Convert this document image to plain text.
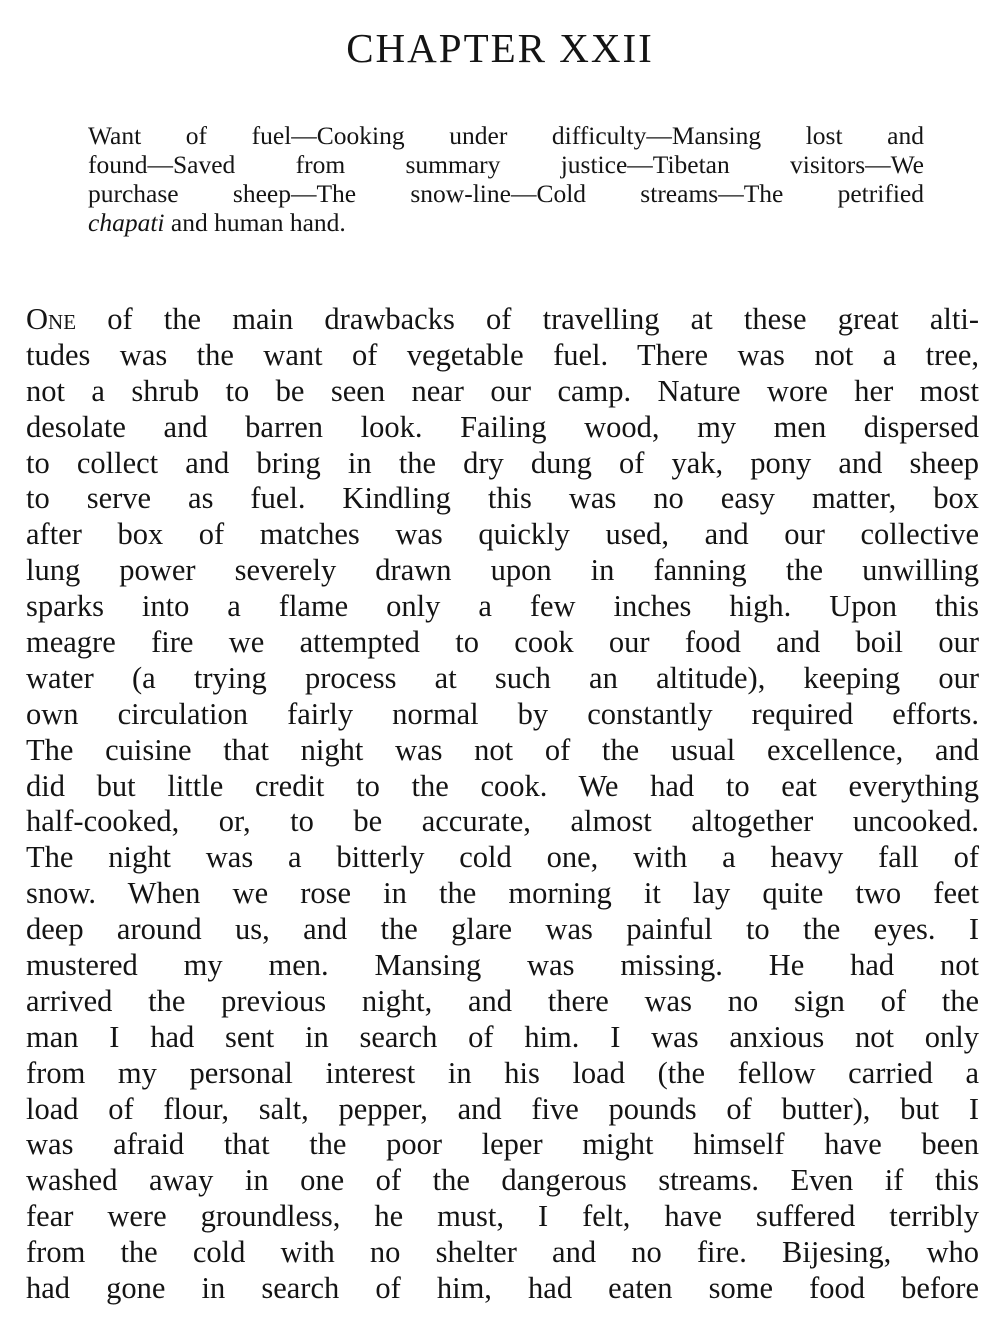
CHAPTER XXII
Want of fuel—Cooking under difficulty—Mansing lost and
found—Saved from summary justice—Tibetan visitors—We
purchase sheep—The snow-line—Cold streams—The petrified
chapati and human hand.
One of the main drawbacks of travelling at these great alti-
tudes was the want of vegetable fuel. There was not a tree,
not a shrub to be seen near our camp. Nature wore her most
desolate and barren look. Failing wood, my men dispersed
to collect and bring in the dry dung of yak, pony and sheep
to serve as fuel. Kindling this was no easy matter, box
after box of matches was quickly used, and our collective
lung power severely drawn upon in fanning the unwilling
sparks into a flame only a few inches high. Upon this
meagre fire we attempted to cook our food and boil our
water (a trying process at such an altitude), keeping our
own circulation fairly normal by constantly required efforts.
The cuisine that night was not of the usual excellence, and
did but little credit to the cook. We had to eat everything
half-cooked, or, to be accurate, almost altogether uncooked.
The night was a bitterly cold one, with a heavy fall of
snow. When we rose in the morning it lay quite two feet
deep around us, and the glare was painful to the eyes. I
mustered my men. Mansing was missing. He had not
arrived the previous night, and there was no sign of the
man I had sent in search of him. I was anxious not only
from my personal interest in his load (the fellow carried a
load of flour, salt, pepper, and five pounds of butter), but I
was afraid that the poor leper might himself have been
washed away in one of the dangerous streams. Even if this
fear were groundless, he must, I felt, have suffered terribly
from the cold with no shelter and no fire. Bijesing, who
had gone in search of him, had eaten some food before
